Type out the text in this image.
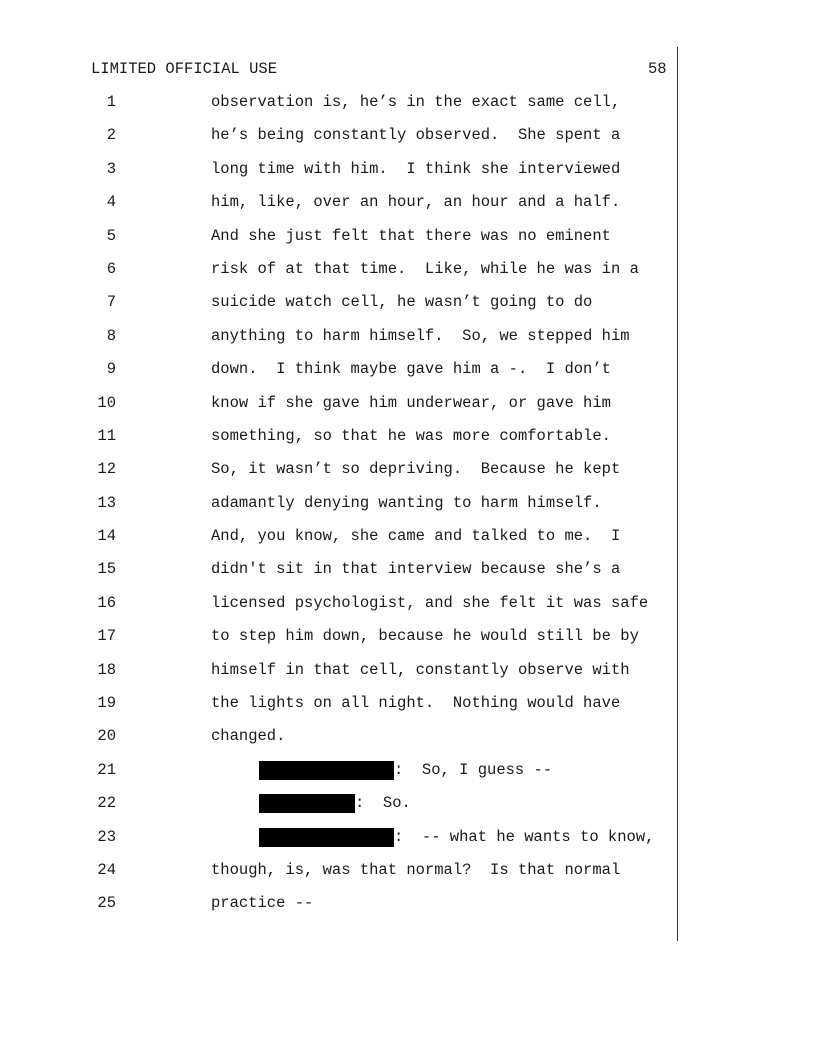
LIMITED OFFICIAL USE	58
1	observation is, he’s in the exact same cell,
2	he’s being constantly observed.  She spent a
3	long time with him.  I think she interviewed
4	him, like, over an hour, an hour and a half.
5	And she just felt that there was no eminent
6	risk of at that time.  Like, while he was in a
7	suicide watch cell, he wasn’t going to do
8	anything to harm himself.  So, we stepped him
9	down.  I think maybe gave him a -.  I don’t
10	know if she gave him underwear, or gave him
11	something, so that he was more comfortable.
12	So, it wasn’t so depriving.  Because he kept
13	adamantly denying wanting to harm himself.
14	And, you know, she came and talked to me.  I
15	didn't sit in that interview because she’s a
16	licensed psychologist, and she felt it was safe
17	to step him down, because he would still be by
18	himself in that cell, constantly observe with
19	the lights on all night.  Nothing would have
20	changed.
21	:  So, I guess --
22	:  So.
23	:  -- what he wants to know,
24	though, is, was that normal?  Is that normal
25	practice --
